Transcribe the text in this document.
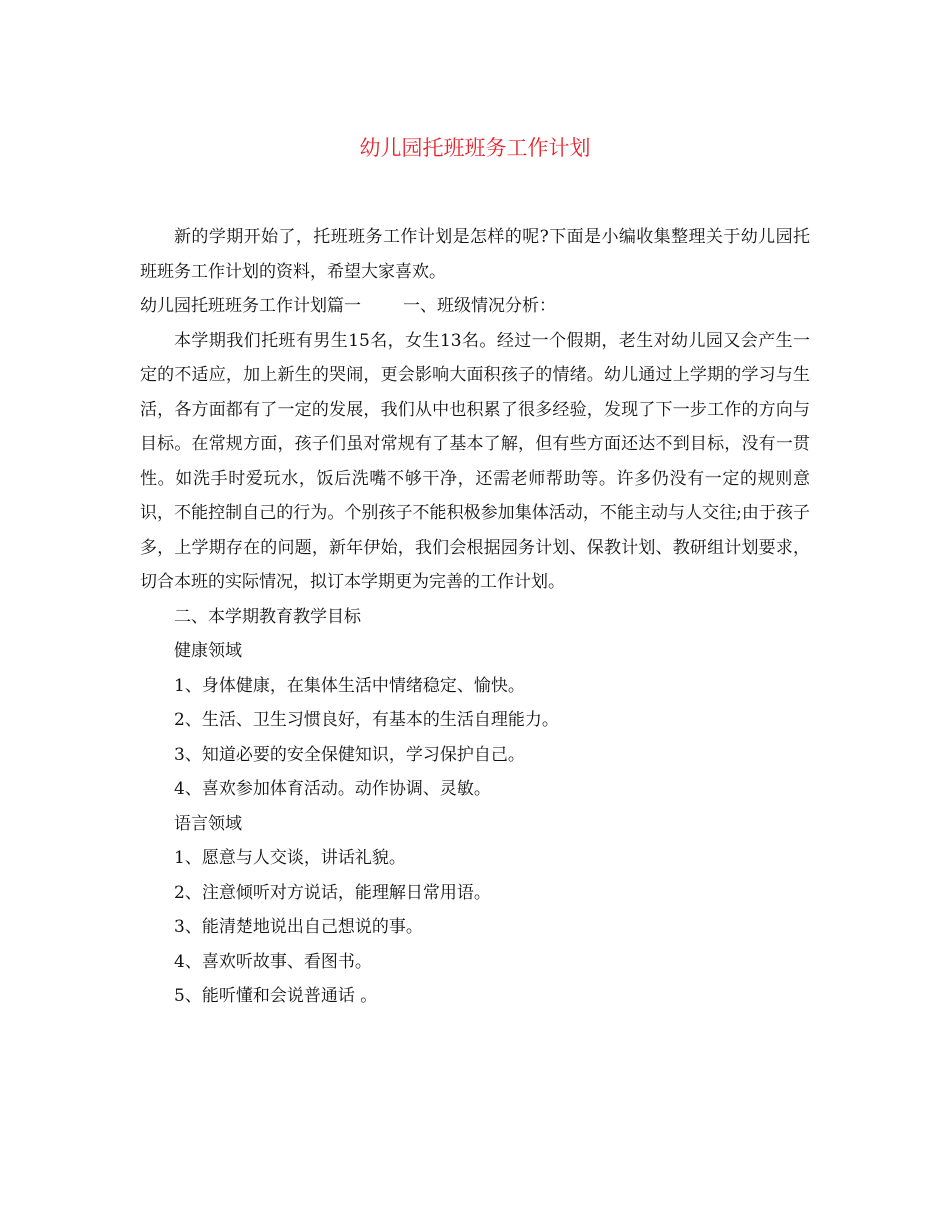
幼儿园托班班务工作计划

新的学期开始了，托班班务工作计划是怎样的呢?下面是小编收集整理关于幼儿园托班班务工作计划的资料，希望大家喜欢。

幼儿园托班班务工作计划篇一 一、班级情况分析：

本学期我们托班有男生15名，女生13名。经过一个假期，老生对幼儿园又会产生一定的不适应，加上新生的哭闹，更会影响大面积孩子的情绪。幼儿通过上学期的学习与生活，各方面都有了一定的发展，我们从中也积累了很多经验，发现了下一步工作的方向与目标。在常规方面，孩子们虽对常规有了基本了解，但有些方面还达不到目标，没有一贯性。如洗手时爱玩水，饭后洗嘴不够干净，还需老师帮助等。许多仍没有一定的规则意识，不能控制自己的行为。个别孩子不能积极参加集体活动，不能主动与人交往;由于孩子多，上学期存在的问题，新年伊始，我们会根据园务计划、保教计划、教研组计划要求，切合本班的实际情况，拟订本学期更为完善的工作计划。

二、本学期教育教学目标

健康领域

1、身体健康，在集体生活中情绪稳定、愉快。

2、生活、卫生习惯良好，有基本的生活自理能力。

3、知道必要的安全保健知识，学习保护自己。

4、喜欢参加体育活动。动作协调、灵敏。

语言领域

1、愿意与人交谈，讲话礼貌。

2、注意倾听对方说话，能理解日常用语。

3、能清楚地说出自己想说的事。

4、喜欢听故事、看图书。

5、能听懂和会说普通话 。
